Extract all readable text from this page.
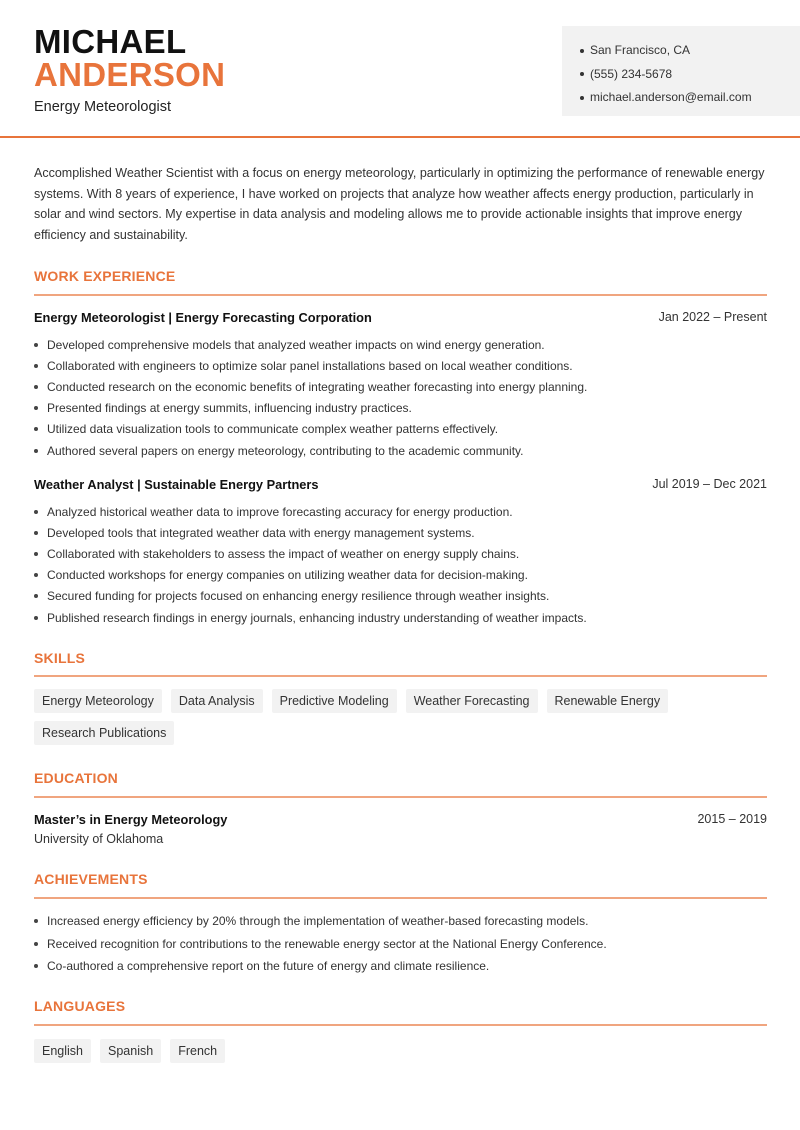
MICHAEL
ANDERSON
Energy Meteorologist
San Francisco, CA
(555) 234-5678
michael.anderson@email.com

Accomplished Weather Scientist with a focus on energy meteorology, particularly in optimizing the performance of renewable energy systems. With 8 years of experience, I have worked on projects that analyze how weather affects energy production, particularly in solar and wind sectors. My expertise in data analysis and modeling allows me to provide actionable insights that improve energy efficiency and sustainability.

WORK EXPERIENCE
Energy Meteorologist | Energy Forecasting Corporation	Jan 2022 – Present
Developed comprehensive models that analyzed weather impacts on wind energy generation.
Collaborated with engineers to optimize solar panel installations based on local weather conditions.
Conducted research on the economic benefits of integrating weather forecasting into energy planning.
Presented findings at energy summits, influencing industry practices.
Utilized data visualization tools to communicate complex weather patterns effectively.
Authored several papers on energy meteorology, contributing to the academic community.
Weather Analyst | Sustainable Energy Partners	Jul 2019 – Dec 2021
Analyzed historical weather data to improve forecasting accuracy for energy production.
Developed tools that integrated weather data with energy management systems.
Collaborated with stakeholders to assess the impact of weather on energy supply chains.
Conducted workshops for energy companies on utilizing weather data for decision-making.
Secured funding for projects focused on enhancing energy resilience through weather insights.
Published research findings in energy journals, enhancing industry understanding of weather impacts.
SKILLS
Energy Meteorology	Data Analysis	Predictive Modeling	Weather Forecasting	Renewable Energy
Research Publications
EDUCATION
Master’s in Energy Meteorology	2015 – 2019
University of Oklahoma
ACHIEVEMENTS
Increased energy efficiency by 20% through the implementation of weather-based forecasting models.
Received recognition for contributions to the renewable energy sector at the National Energy Conference.
Co-authored a comprehensive report on the future of energy and climate resilience.
LANGUAGES
English	Spanish	French
